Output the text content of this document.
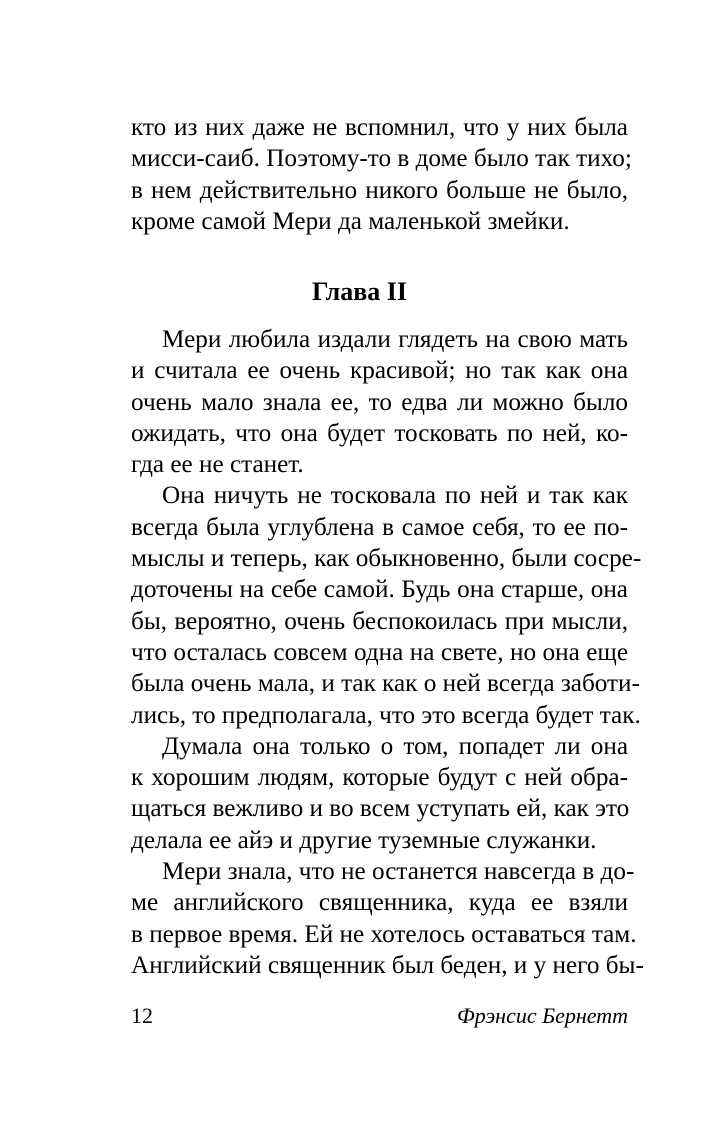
кто из них даже не вспомнил, что у них была
мисси-саиб. Поэтому-то в доме было так тихо;
в нем действительно никого больше не было,
кроме самой Мери да маленькой змейки.
Глава II
Мери любила издали глядеть на свою мать
и считала ее очень красивой; но так как она
очень мало знала ее, то едва ли можно было
ожидать, что она будет тосковать по ней, ко-
гда ее не станет.
Она ничуть не тосковала по ней и так как
всегда была углублена в самое себя, то ее по-
мыслы и теперь, как обыкновенно, были сосре-
доточены на себе самой. Будь она старше, она
бы, вероятно, очень беспокоилась при мысли,
что осталась совсем одна на свете, но она еще
была очень мала, и так как о ней всегда заботи-
лись, то предполагала, что это всегда будет так.
Думала она только о том, попадет ли она
к хорошим людям, которые будут с ней обра-
щаться вежливо и во всем уступать ей, как это
делала ее айэ и другие туземные служанки.
Мери знала, что не останется навсегда в до-
ме английского священника, куда ее взяли
в первое время. Ей не хотелось оставаться там.
Английский священник был беден, и у него бы-
12	Фрэнсис Бернетт
